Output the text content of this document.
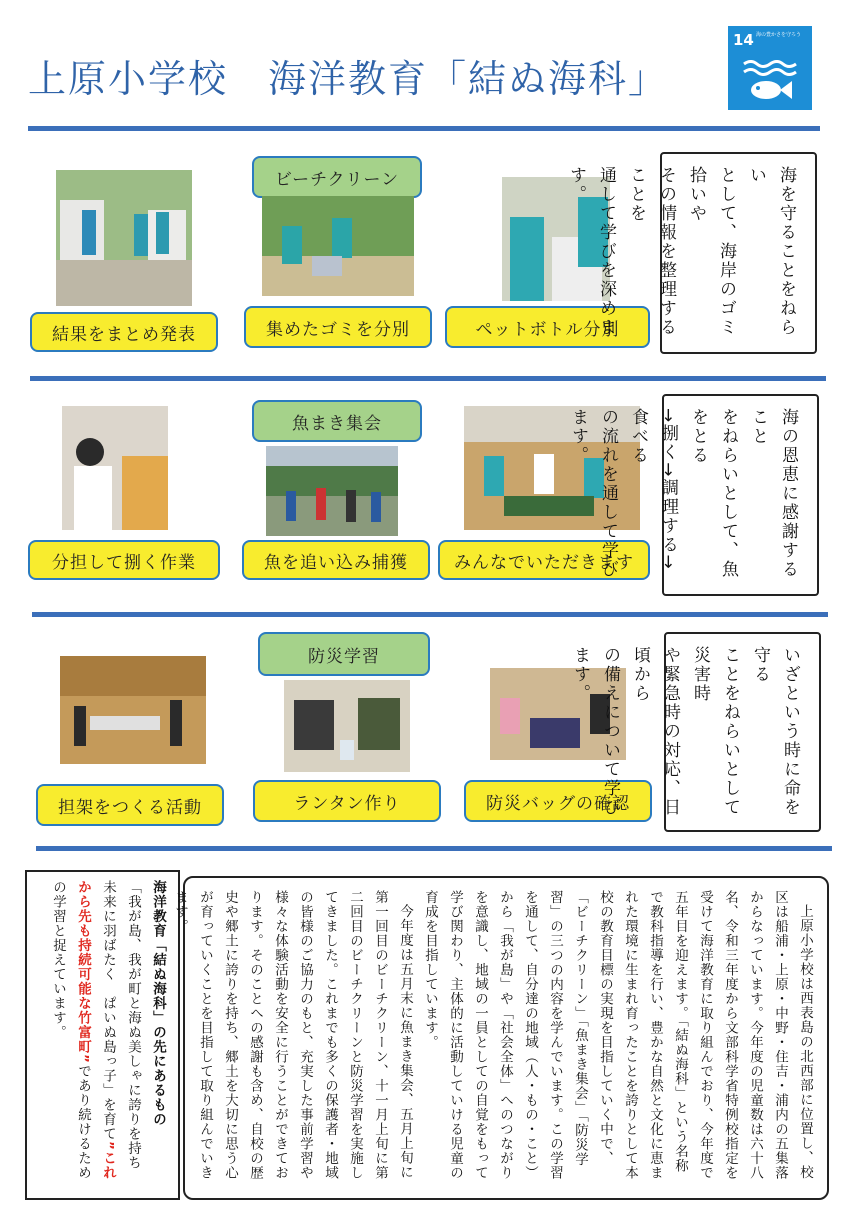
上原小学校　海洋教育「結ぬ海科」
14 海の豊かさを守ろう
ビーチクリーン
結果をまとめ発表	集めたゴミを分別	ペットボトル分別	海を守ることをねらい
として、海岸のゴミ拾いや
その情報を整理することを
通して学びを深めます。
魚まき集会
分担して捌く作業	魚を追い込み捕獲	みんなでいただきます	海の恩恵に感謝すること
をねらいとして、魚をとる
→捌く→調理する→食べる
の流れを通して学びます。
防災学習
担架をつくる活動	ランタン作り	防災バッグの確認	いざという時に命を守る
ことをねらいとして災害時
や緊急時の対応、日頃から
の備えについて学びます。
海洋教育「結ぬ海科」の先にあるもの
「我が島、我が町と海ぬ美しゃに誇りを持ち　未来に羽ばたく　ぱいぬ島っ子」を育て”これから先も持続可能な竹富町”であり続けるための学習と捉えています。	上原小学校は西表島の北西部に位置し、校区は船浦・上原・中野・住吉・浦内の五集落からなっています。今年度の児童数は六十八名、令和三年度から文部科学省特例校指定を受けて海洋教育に取り組んでおり、今年度で五年目を迎えます。「結ぬ海科」という名称で教科指導を行い、豊かな自然と文化に恵まれた環境に生まれ育ったことを誇りとして本校の教育目標の実現を目指していく中で、「ビーチクリーン」「魚まき集会」「防災学習」の三つの内容を学んでいます。この学習を通して、自分達の地域（人・もの・こと）から「我が島」や「社会全体」へのつながりを意識し、地域の一員としての自覚をもって学び関わり、主体的に活動していける児童の育成を目指しています。

今年度は五月末に魚まき集会、五月上旬に第一回目のビーチクリーン、十一月上旬に第二回目のビーチクリーンと防災学習を実施してきました。これまでも多くの保護者・地域の皆様のご協力のもと、充実した事前学習や様々な体験活動を安全に行うことができております。そのことへの感謝も含め、自校の歴史や郷土に誇りを持ち、郷土を大切に思う心が育っていくことを目指して取り組んでいきます。
